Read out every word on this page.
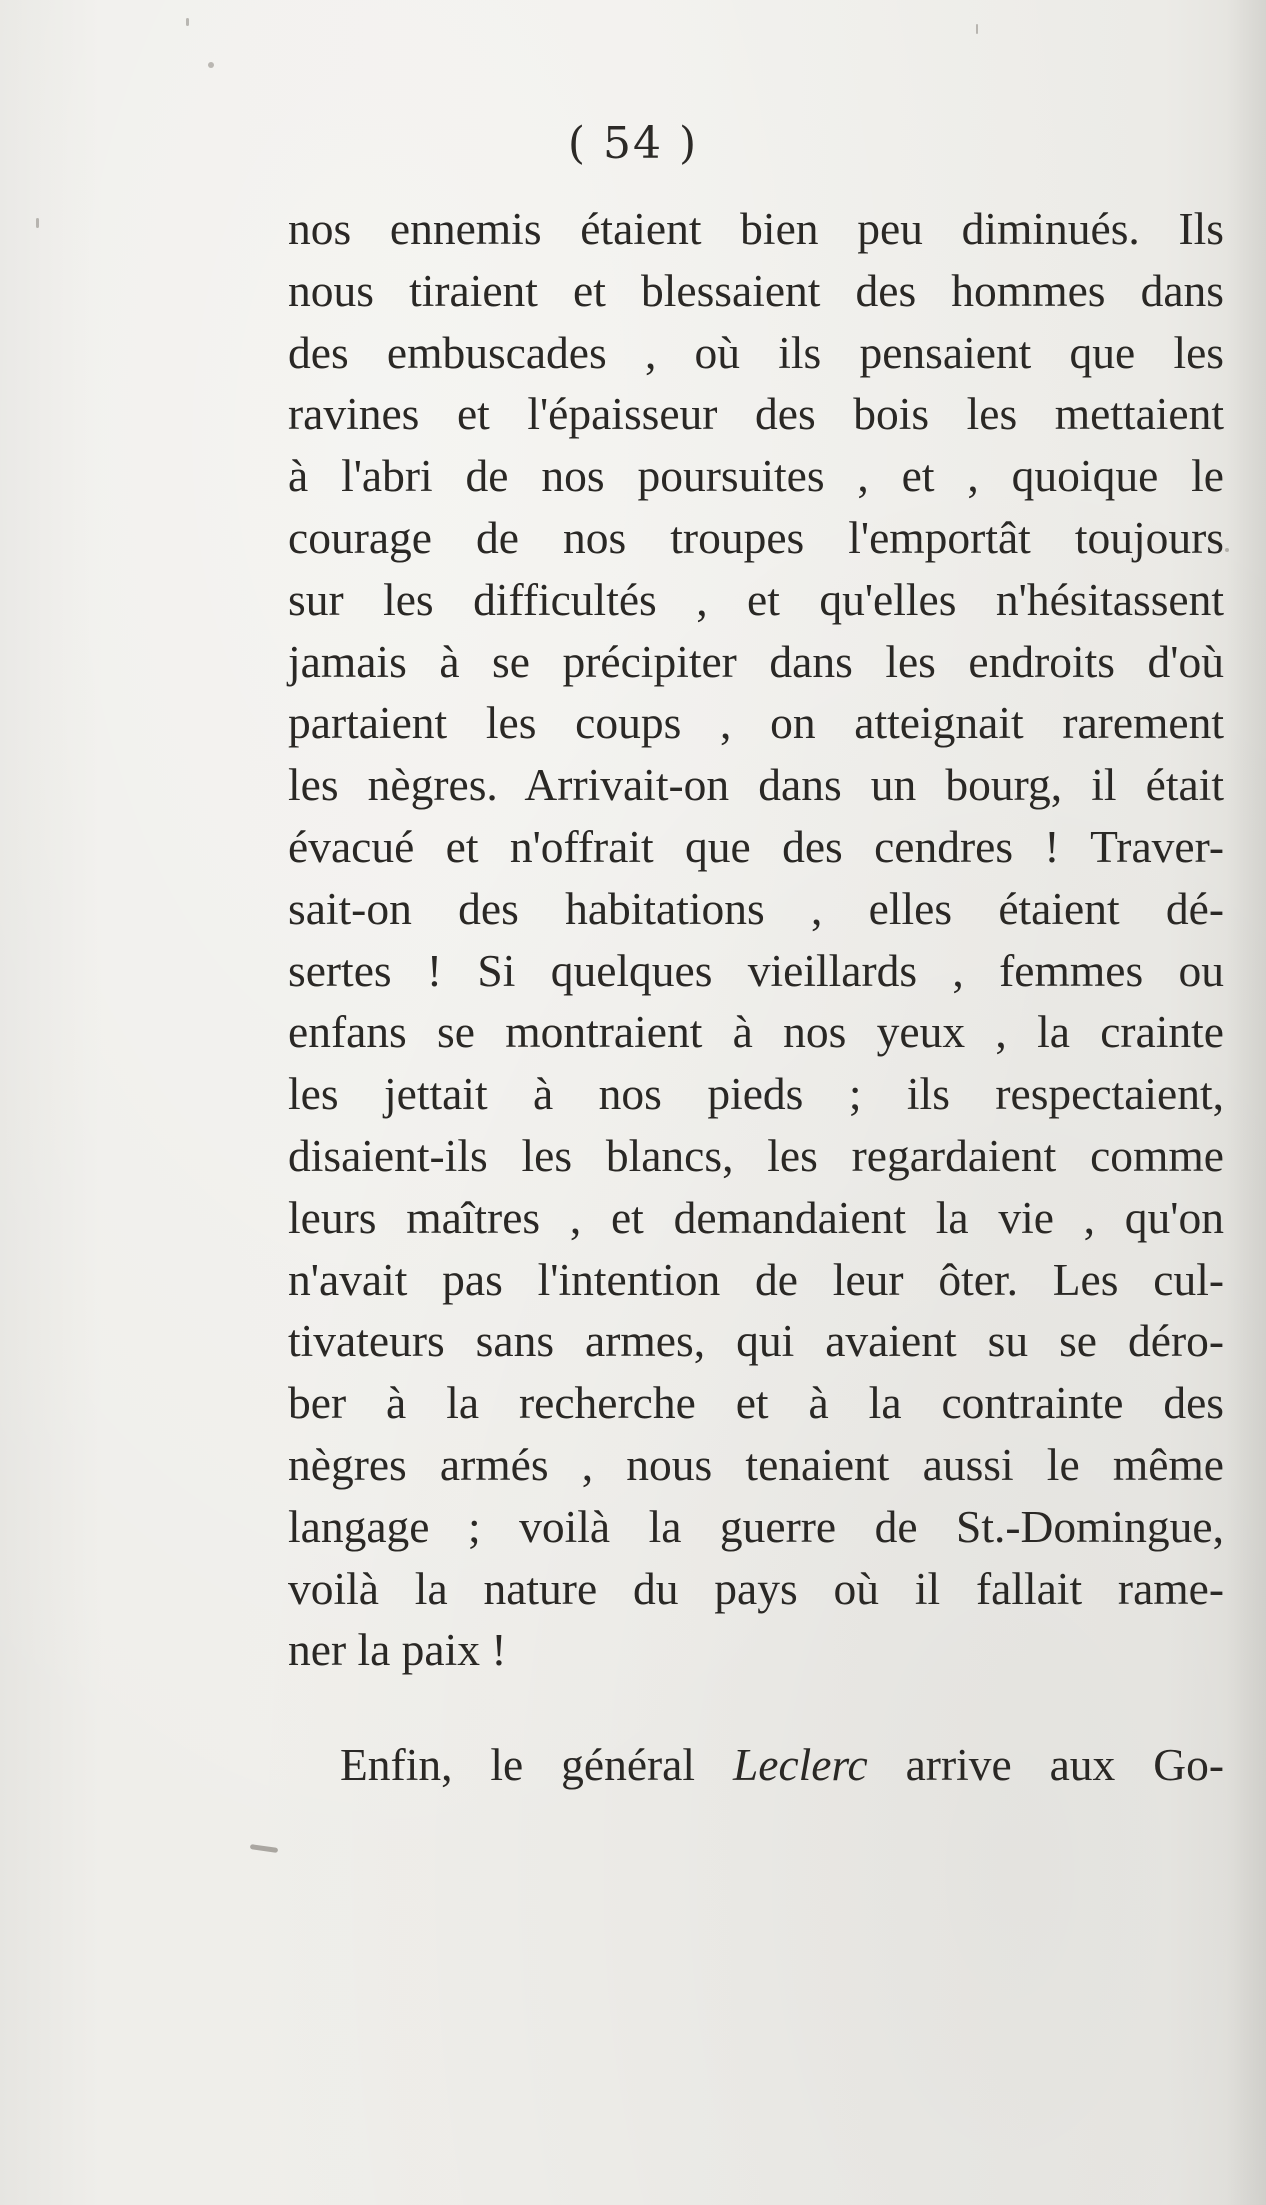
( 54 )
nos ennemis étaient bien peu diminués. Ils
nous tiraient et blessaient des hommes dans
des embuscades , où ils pensaient que les
ravines et l'épaisseur des bois les mettaient
à l'abri de nos poursuites , et , quoique le
courage de nos troupes l'emportât toujours
sur les difficultés , et qu'elles n'hésitassent
jamais à se précipiter dans les endroits d'où
partaient les coups , on atteignait rarement
les nègres. Arrivait-on dans un bourg, il était
évacué et n'offrait que des cendres ! Traver-
sait-on des habitations , elles étaient dé-
sertes ! Si quelques vieillards , femmes ou
enfans se montraient à nos yeux , la crainte
les jettait à nos pieds ; ils respectaient,
disaient-ils les blancs, les regardaient comme
leurs maîtres , et demandaient la vie , qu'on
n'avait pas l'intention de leur ôter. Les cul-
tivateurs sans armes, qui avaient su se déro-
ber à la recherche et à la contrainte des
nègres armés , nous tenaient aussi le même
langage ; voilà la guerre de St.-Domingue,
voilà la nature du pays où il fallait rame-
ner la paix !
Enfin, le général Leclerc arrive aux Go-
